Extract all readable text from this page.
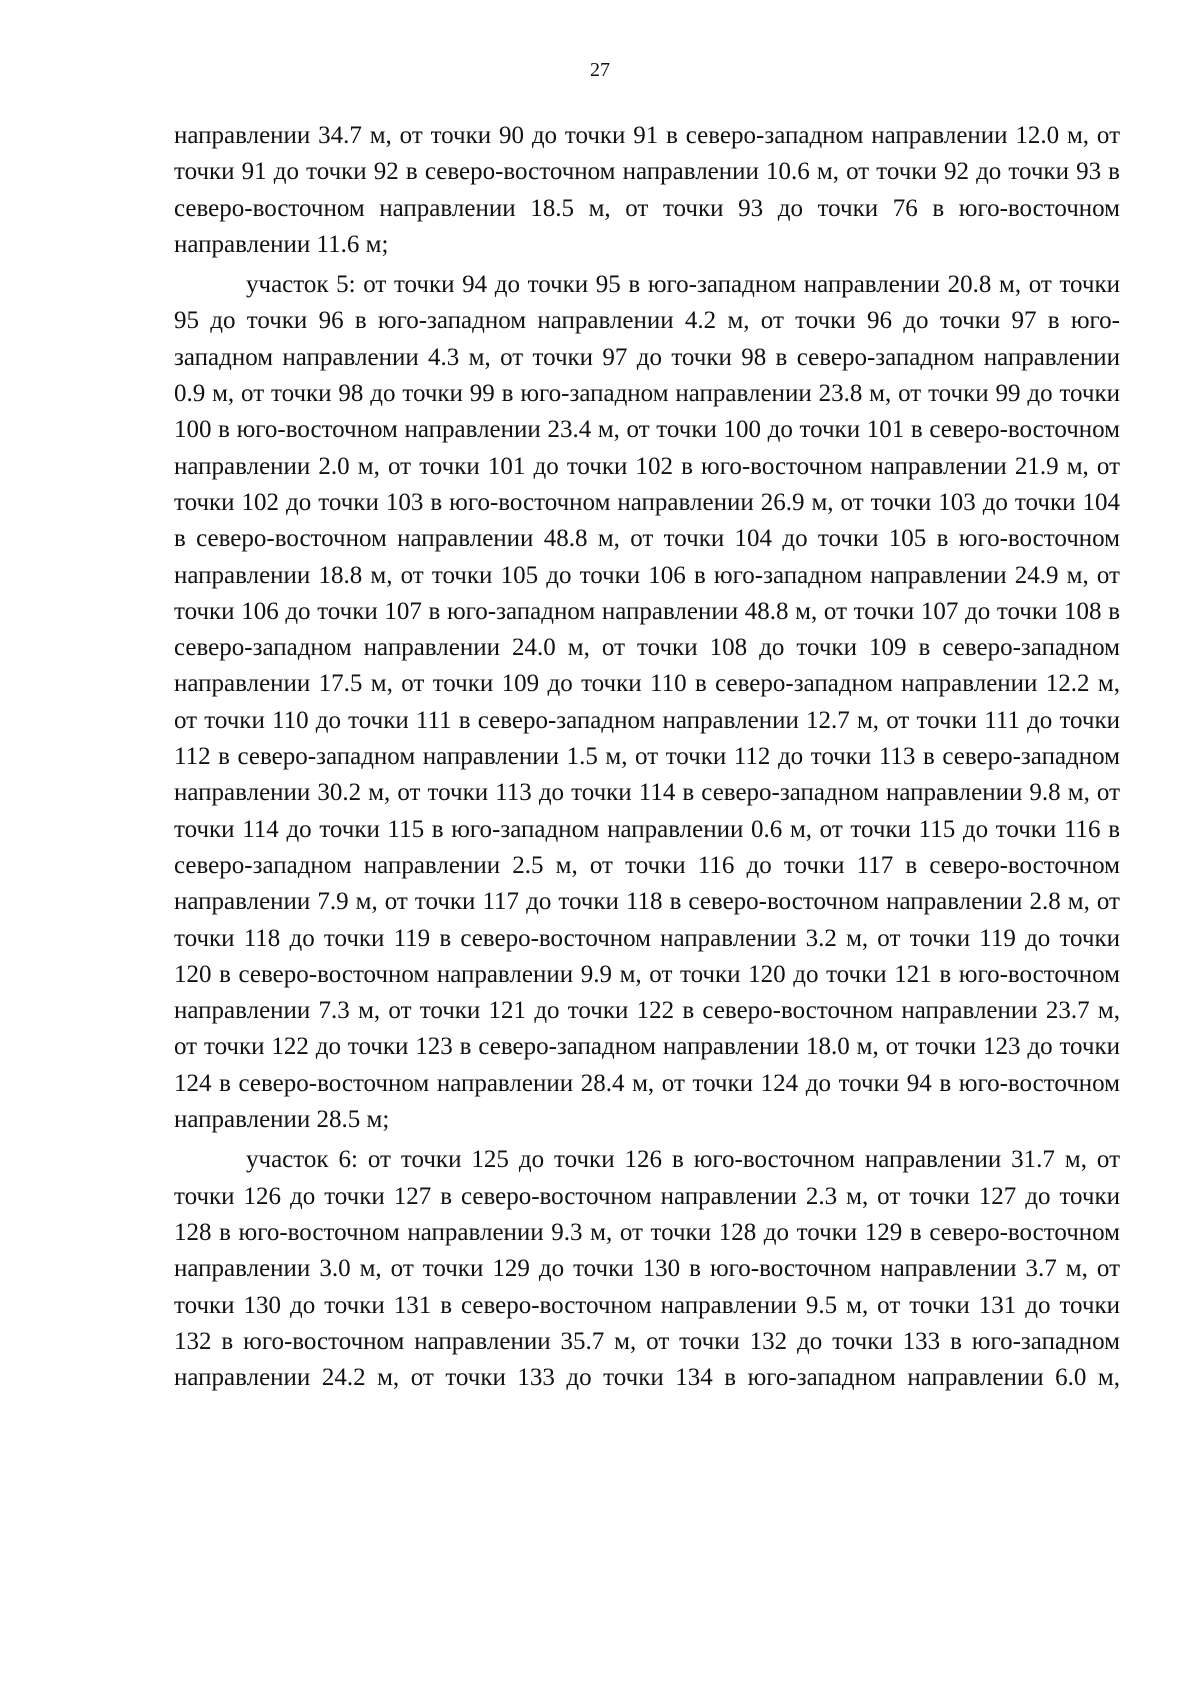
27

направлении 34.7 м, от точки 90 до точки 91 в северо-западном направлении 12.0 м, от точки 91 до точки 92 в северо-восточном направлении 10.6 м, от точки 92 до точки 93 в северо-восточном направлении 18.5 м, от точки 93 до точки 76 в юго-восточном направлении 11.6 м;

участок 5: от точки 94 до точки 95 в юго-западном направлении 20.8 м, от точки 95 до точки 96 в юго-западном направлении 4.2 м, от точки 96 до точки 97 в юго-западном направлении 4.3 м, от точки 97 до точки 98 в северо-западном направлении 0.9 м, от точки 98 до точки 99 в юго-западном направлении 23.8 м, от точки 99 до точки 100 в юго-восточном направлении 23.4 м, от точки 100 до точки 101 в северо-восточном направлении 2.0 м, от точки 101 до точки 102 в юго-восточном направлении 21.9 м, от точки 102 до точки 103 в юго-восточном направлении 26.9 м, от точки 103 до точки 104 в северо-восточном направлении 48.8 м, от точки 104 до точки 105 в юго-восточном направлении 18.8 м, от точки 105 до точки 106 в юго-западном направлении 24.9 м, от точки 106 до точки 107 в юго-западном направлении 48.8 м, от точки 107 до точки 108 в северо-западном направлении 24.0 м, от точки 108 до точки 109 в северо-западном направлении 17.5 м, от точки 109 до точки 110 в северо-западном направлении 12.2 м, от точки 110 до точки 111 в северо-западном направлении 12.7 м, от точки 111 до точки 112 в северо-западном направлении 1.5 м, от точки 112 до точки 113 в северо-западном направлении 30.2 м, от точки 113 до точки 114 в северо-западном направлении 9.8 м, от точки 114 до точки 115 в юго-западном направлении 0.6 м, от точки 115 до точки 116 в северо-западном направлении 2.5 м, от точки 116 до точки 117 в северо-восточном направлении 7.9 м, от точки 117 до точки 118 в северо-восточном направлении 2.8 м, от точки 118 до точки 119 в северо-восточном направлении 3.2 м, от точки 119 до точки 120 в северо-восточном направлении 9.9 м, от точки 120 до точки 121 в юго-восточном направлении 7.3 м, от точки 121 до точки 122 в северо-восточном направлении 23.7 м, от точки 122 до точки 123 в северо-западном направлении 18.0 м, от точки 123 до точки 124 в северо-восточном направлении 28.4 м, от точки 124 до точки 94 в юго-восточном направлении 28.5 м;

участок 6: от точки 125 до точки 126 в юго-восточном направлении 31.7 м, от точки 126 до точки 127 в северо-восточном направлении 2.3 м, от точки 127 до точки 128 в юго-восточном направлении 9.3 м, от точки 128 до точки 129 в северо-восточном направлении 3.0 м, от точки 129 до точки 130 в юго-восточном направлении 3.7 м, от точки 130 до точки 131 в северо-восточном направлении 9.5 м, от точки 131 до точки 132 в юго-восточном направлении 35.7 м, от точки 132 до точки 133 в юго-западном направлении 24.2 м, от точки 133 до точки 134 в юго-западном направлении 6.0 м,
